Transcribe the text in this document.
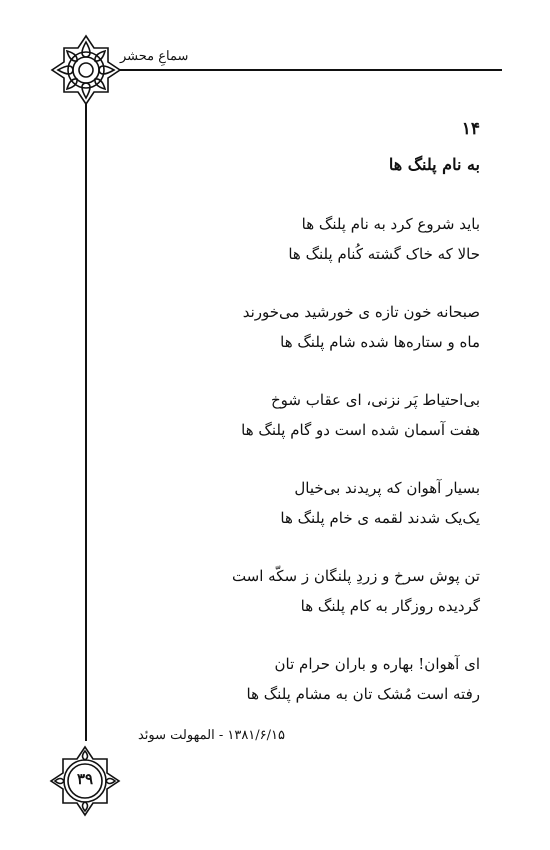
سماعِ محشر
۱۴
به نام پلنگ ها
باید شروع کرد به نام پلنگ ها
حالا که خاک گشته کُنام پلنگ ها
صبحانه خون تازه ی خورشید می‌خورند
ماه و ستاره‌ها شده شام پلنگ ها
بی‌احتیاط پَر نزنی، ای عقاب شوخ
هفت آسمان شده است دو گام پلنگ ها
بسیار آهوان که پریدند بی‌خیال
یک‌یک شدند لقمه ی خام پلنگ ها
تن پوش سرخ و زردِ پلنگان ز سکّه است
گردیده روزگار به کام پلنگ ها
ای آهوان! بهاره و باران حرام تان
رفته است مُشک تان به مشام پلنگ ها
۱۳۸۱/۶/۱۵ - المهولت سوئد
۳۹
